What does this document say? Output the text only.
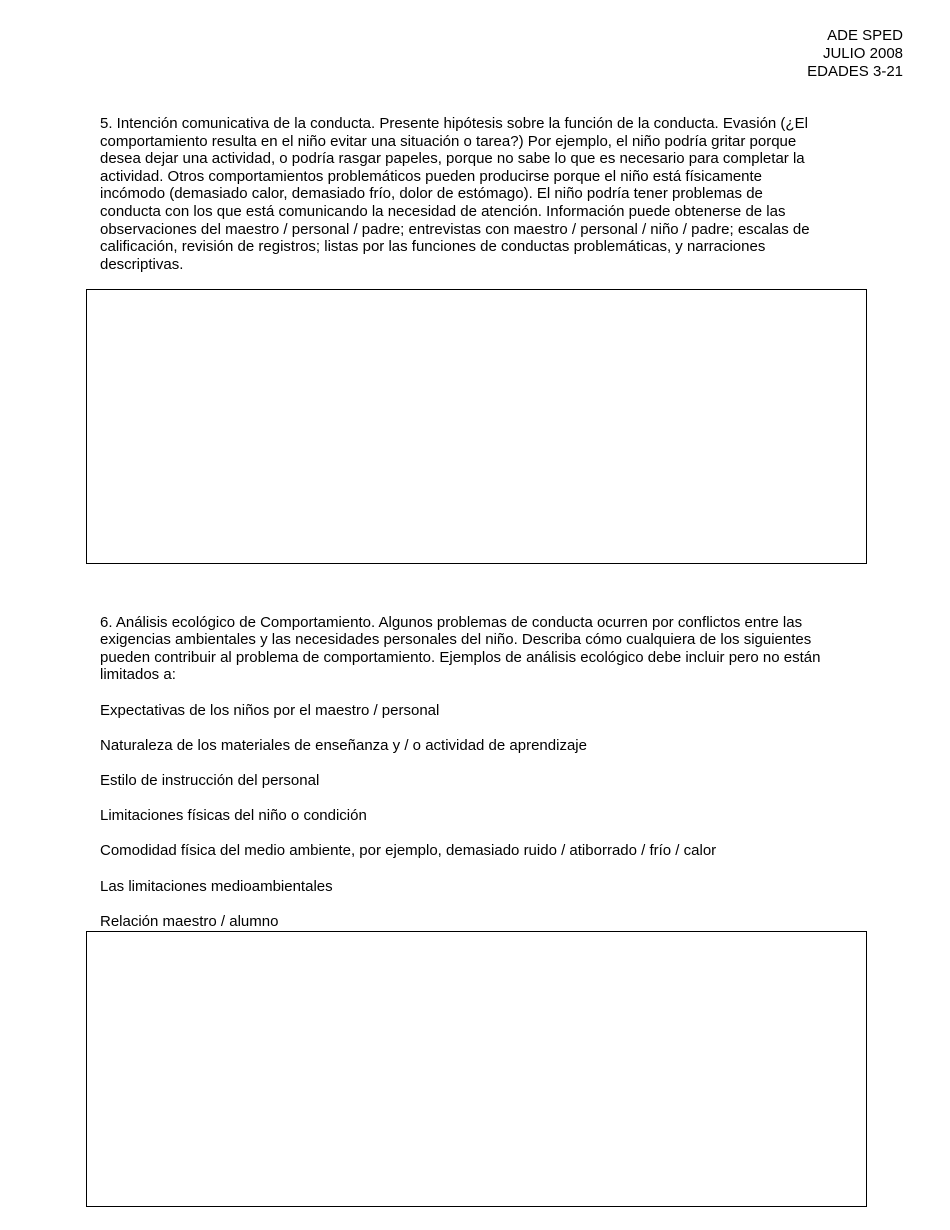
ADE SPED
JULIO 2008
EDADES 3-21
5. Intención comunicativa de la conducta. Presente hipótesis sobre la función de la conducta. Evasión (¿El
comportamiento resulta en el niño evitar una situación o tarea?) Por ejemplo, el niño podría gritar porque
desea dejar una actividad, o podría rasgar papeles, porque no sabe lo que es necesario para completar la
actividad. Otros comportamientos problemáticos pueden producirse porque el niño está físicamente
incómodo (demasiado calor, demasiado frío, dolor de estómago). El niño podría tener problemas de
conducta con los que está comunicando la necesidad de atención. Información puede obtenerse de las
observaciones del maestro / personal / padre; entrevistas con maestro / personal / niño / padre; escalas de
calificación, revisión de registros; listas por las funciones de conductas problemáticas, y narraciones
descriptivas.

6. Análisis ecológico de Comportamiento. Algunos problemas de conducta ocurren por conflictos entre las
exigencias ambientales y las necesidades personales del niño. Describa cómo cualquiera de los siguientes
pueden contribuir al problema de comportamiento. Ejemplos de análisis ecológico debe incluir pero no están
limitados a:

Expectativas de los niños por el maestro / personal

Naturaleza de los materiales de enseñanza y / o actividad de aprendizaje

Estilo de instrucción del personal

Limitaciones físicas del niño o condición

Comodidad física del medio ambiente, por ejemplo, demasiado ruido / atiborrado / frío / calor

Las limitaciones medioambientales

Relación maestro / alumno
